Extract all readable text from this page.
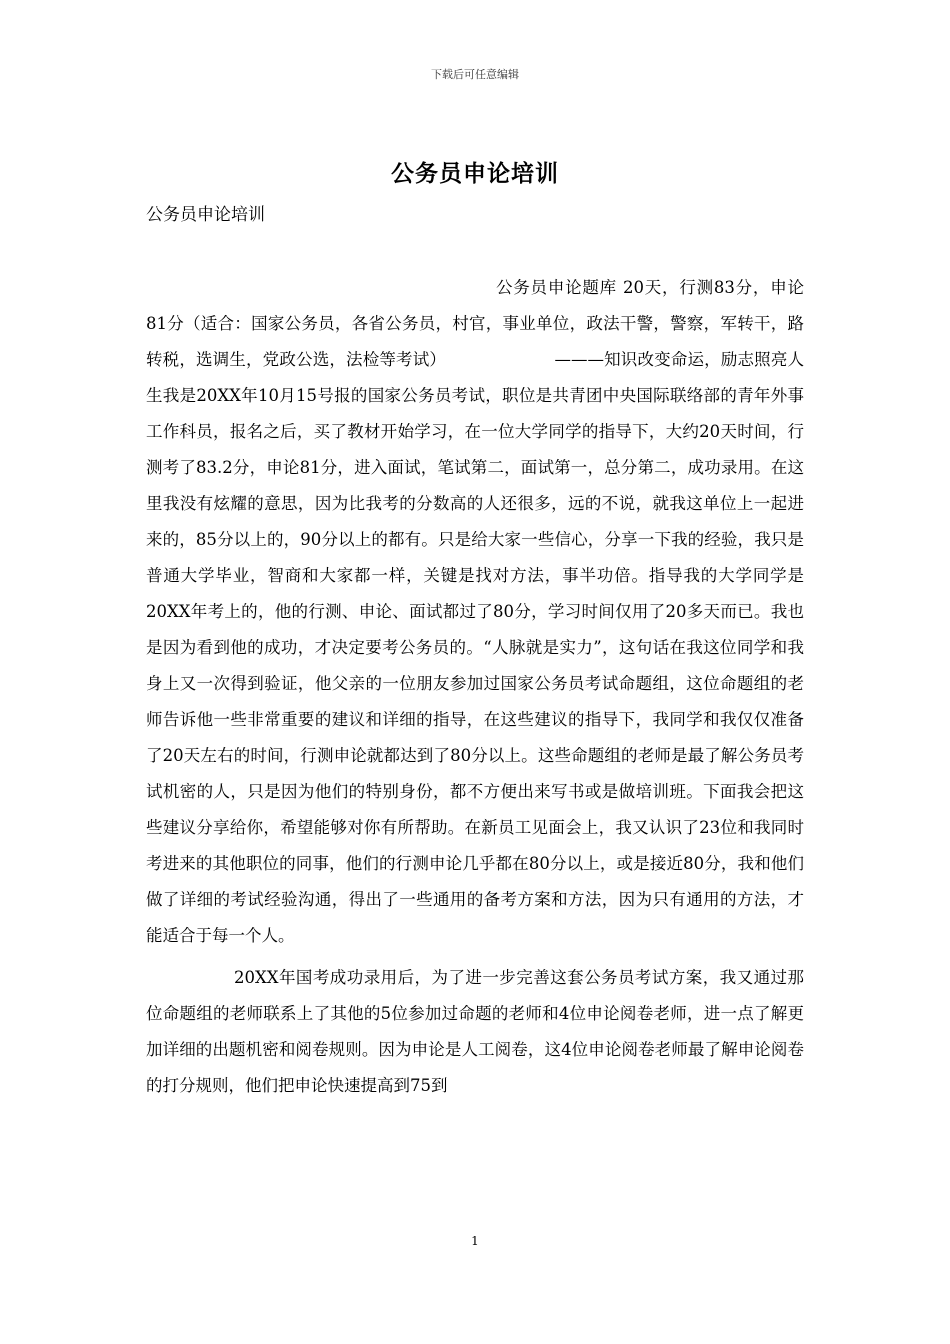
下载后可任意编辑
公务员申论培训
公务员申论培训

公务员申论题库 20天，行测83分，申论81分（适合：国家公务员，各省公务员，村官，事业单位，政法干警，警察，军转干，路转税，选调生，党政公选，法检等考试）　　　　　　　———知识改变命运，励志照亮人生我是20XX年10月15号报的国家公务员考试，职位是共青团中央国际联络部的青年外事工作科员，报名之后，买了教材开始学习，在一位大学同学的指导下，大约20天时间，行测考了83.2分，申论81分，进入面试，笔试第二，面试第一，总分第二，成功录用。在这里我没有炫耀的意思，因为比我考的分数高的人还很多，远的不说，就我这单位上一起进来的，85分以上的，90分以上的都有。只是给大家一些信心，分享一下我的经验，我只是普通大学毕业，智商和大家都一样，关键是找对方法，事半功倍。指导我的大学同学是20XX年考上的，他的行测、申论、面试都过了80分，学习时间仅用了20多天而已。我也是因为看到他的成功，才决定要考公务员的。“人脉就是实力”，这句话在我这位同学和我身上又一次得到验证，他父亲的一位朋友参加过国家公务员考试命题组，这位命题组的老师告诉他一些非常重要的建议和详细的指导，在这些建议的指导下，我同学和我仅仅准备了20天左右的时间，行测申论就都达到了80分以上。这些命题组的老师是最了解公务员考试机密的人，只是因为他们的特别身份，都不方便出来写书或是做培训班。下面我会把这些建议分享给你，希望能够对你有所帮助。在新员工见面会上，我又认识了23位和我同时考进来的其他职位的同事，他们的行测申论几乎都在80分以上，或是接近80分，我和他们做了详细的考试经验沟通，得出了一些通用的备考方案和方法，因为只有通用的方法，才能适合于每一个人。

20XX年国考成功录用后，为了进一步完善这套公务员考试方案，我又通过那位命题组的老师联系上了其他的5位参加过命题的老师和4位申论阅卷老师，进一点了解更加详细的出题机密和阅卷规则。因为申论是人工阅卷，这4位申论阅卷老师最了解申论阅卷的打分规则，他们把申论快速提高到75到

1
